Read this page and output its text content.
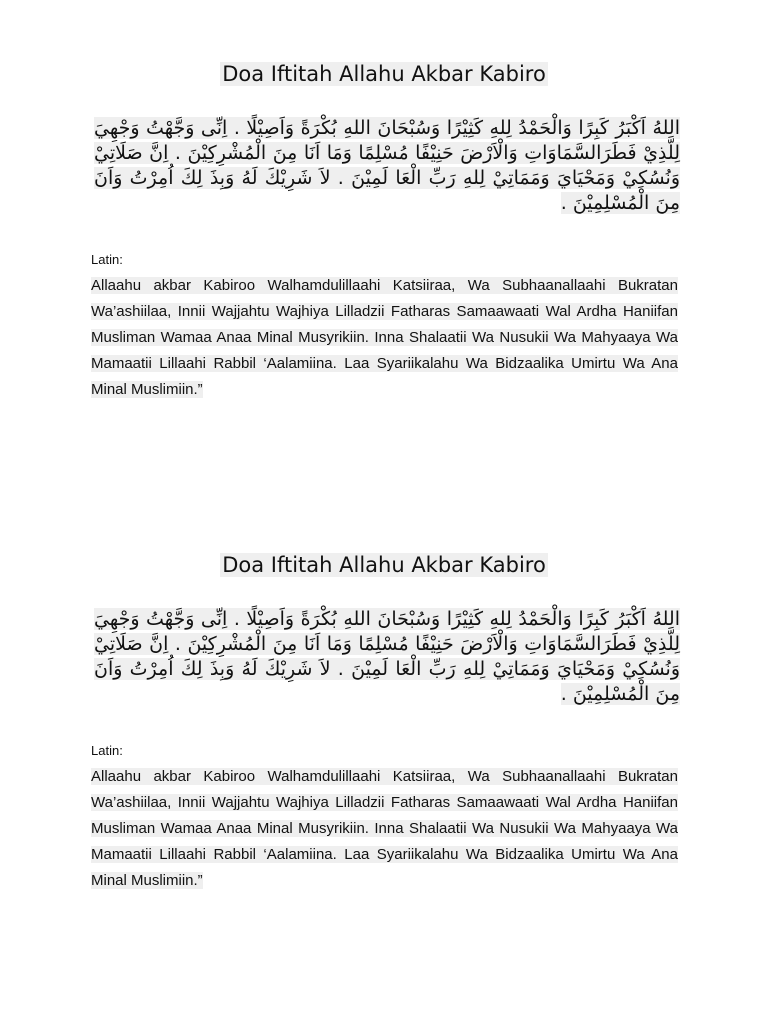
Doa Iftitah Allahu Akbar Kabiro

اللهُ اَكْبَرُ كَبِرًا وَالْحَمْدُ لِلهِ كَثِيْرًا وَسُبْحَانَ اللهِ بُكْرَةً وَاَصِيْلًا . اِنِّى وَجَّهْتُ وَجْهِيَ لِلَّذِيْ فَطَرَالسَّمَاوَاتِ وَالْاَرْضَ حَنِيْفًا مُسْلِمًا وَمَا اَنَا مِنَ الْمُشْرِكِيْنَ . اِنَّ صَلَاتِيْ وَنُسُكِيْ وَمَحْيَايَ وَمَمَاتِيْ لِلهِ رَبِّ الْعَا لَمِيْنَ . لاَ شَرِيْكَ لَهُ وَبِذَ لِكَ اُمِرْتُ وَاَنَ مِنَ الْمُسْلِمِيْنَ .

Latin:

Allaahu akbar Kabiroo Walhamdulillaahi Katsiiraa, Wa Subhaanallaahi Bukratan Wa’ashiilaa, Innii Wajjahtu Wajhiya Lilladzii Fatharas Samaawaati Wal Ardha Haniifan Musliman Wamaa Anaa Minal Musyrikiin. Inna Shalaatii Wa Nusukii Wa Mahyaaya Wa Mamaatii Lillaahi Rabbil ‘Aalamiina. Laa Syariikalahu Wa Bidzaalika Umirtu Wa Ana Minal Muslimiin.”

Doa Iftitah Allahu Akbar Kabiro

اللهُ اَكْبَرُ كَبِرًا وَالْحَمْدُ لِلهِ كَثِيْرًا وَسُبْحَانَ اللهِ بُكْرَةً وَاَصِيْلًا . اِنِّى وَجَّهْتُ وَجْهِيَ لِلَّذِيْ فَطَرَالسَّمَاوَاتِ وَالْاَرْضَ حَنِيْفًا مُسْلِمًا وَمَا اَنَا مِنَ الْمُشْرِكِيْنَ . اِنَّ صَلَاتِيْ وَنُسُكِيْ وَمَحْيَايَ وَمَمَاتِيْ لِلهِ رَبِّ الْعَا لَمِيْنَ . لاَ شَرِيْكَ لَهُ وَبِذَ لِكَ اُمِرْتُ وَاَنَ مِنَ الْمُسْلِمِيْنَ .

Latin:

Allaahu akbar Kabiroo Walhamdulillaahi Katsiiraa, Wa Subhaanallaahi Bukratan Wa’ashiilaa, Innii Wajjahtu Wajhiya Lilladzii Fatharas Samaawaati Wal Ardha Haniifan Musliman Wamaa Anaa Minal Musyrikiin. Inna Shalaatii Wa Nusukii Wa Mahyaaya Wa Mamaatii Lillaahi Rabbil ‘Aalamiina. Laa Syariikalahu Wa Bidzaalika Umirtu Wa Ana Minal Muslimiin.”
